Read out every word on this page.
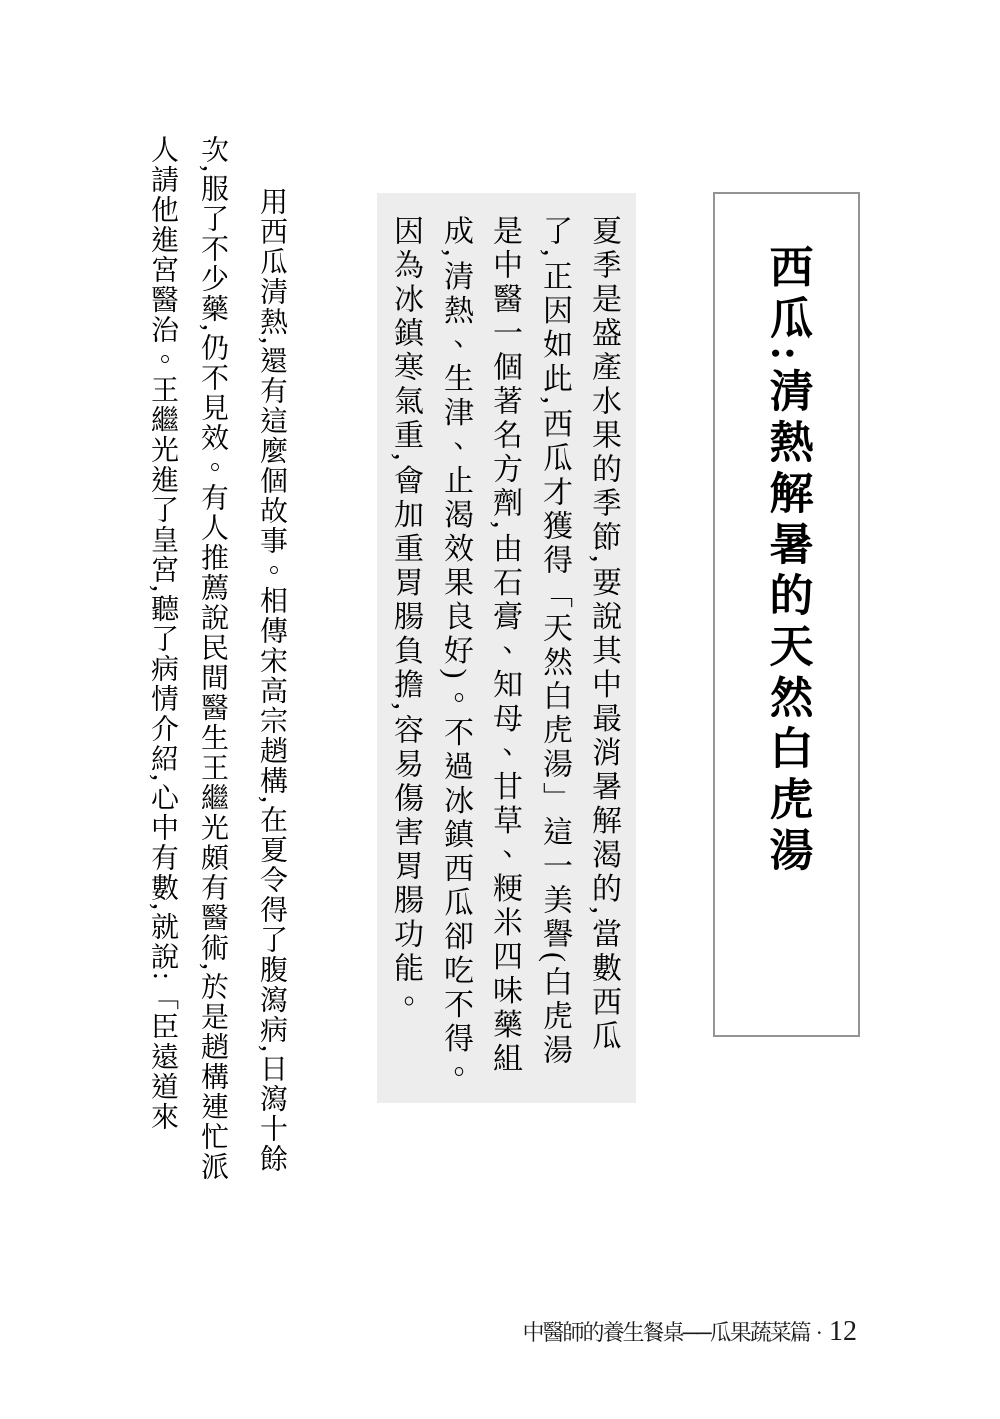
西瓜:清熱解暑的天然白虎湯

夏季是盛產水果的季節,要說其中最消暑解渴的,當數西瓜

了,正因如此,西瓜才獲得「天然白虎湯」這一美譽(白虎湯

是中醫一個著名方劑,由石膏、知母、甘草、粳米四味藥組

成,清熱、生津、止渴效果良好)。不過冰鎮西瓜卻吃不得。

因為冰鎮寒氣重,會加重胃腸負擔,容易傷害胃腸功能。

用西瓜清熱,還有這麼個故事。相傳宋高宗趙構,在夏令得了腹瀉病,日瀉十餘

次,服了不少藥,仍不見效。有人推薦說民間醫生王繼光頗有醫術,於是趙構連忙派

人請他進宮醫治。王繼光進了皇宮,聽了病情介紹,心中有數,就說:「臣遠道來

中醫師的養生餐桌──瓜果蔬菜篇 · 12
